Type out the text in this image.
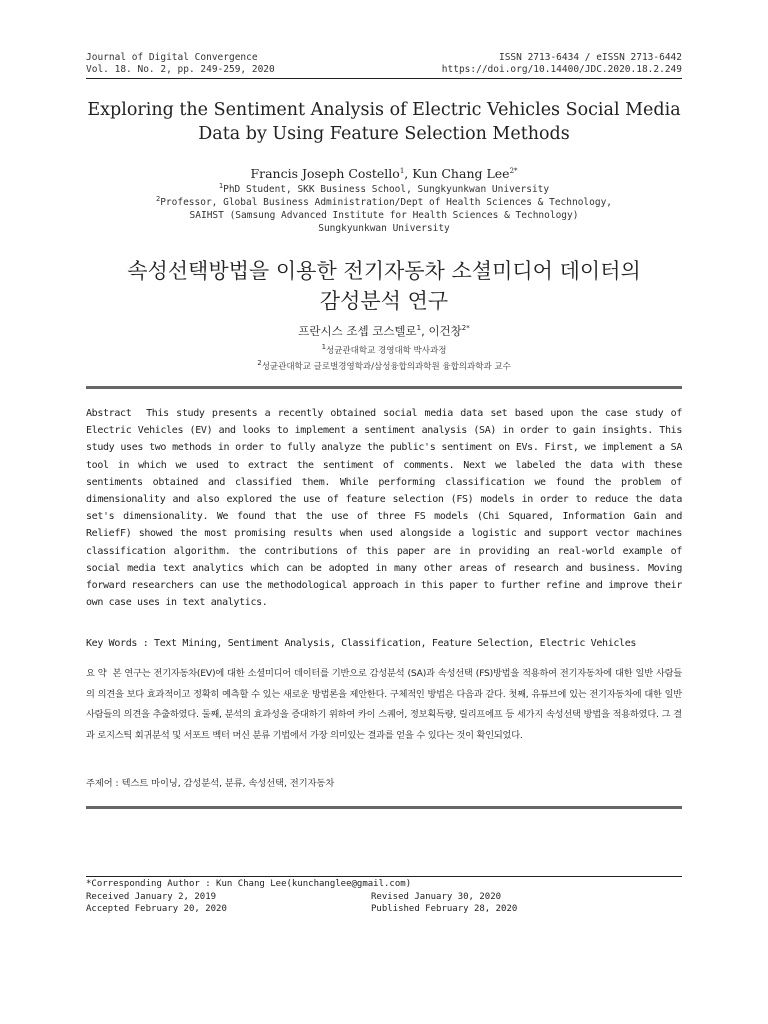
Journal of Digital Convergence
Vol. 18. No. 2, pp. 249-259, 2020
ISSN 2713-6434 / eISSN 2713-6442
https://doi.org/10.14400/JDC.2020.18.2.249
Exploring the Sentiment Analysis of Electric Vehicles Social Media
Data by Using Feature Selection Methods
Francis Joseph Costello$^1$, Kun Chang Lee$^{2*}$
$^1$PhD Student, SKK Business School, Sungkyunkwan University
$^2$Professor, Global Business Administration/Dept of Health Sciences & Technology,
SAIHST (Samsung Advanced Institute for Health Sciences & Technology)
Sungkyunkwan University
속성선택방법을 이용한 전기자동차 소셜미디어 데이터의
감성분석 연구
프란시스 조셉 코스텔로$^1$, 이건창$^{2*}$
$^1$성균관대학교 경영대학 박사과정
$^2$성균관대학교 글로벌경영학과/삼성융합의과학원 융합의과학과 교수
Abstract This study presents a recently obtained social media data set based upon the case study of Electric Vehicles (EV) and looks to implement a sentiment analysis (SA) in order to gain insights. This study uses two methods in order to fully analyze the public's sentiment on EVs. First, we implement a SA tool in which we used to extract the sentiment of comments. Next we labeled the data with these sentiments obtained and classified them. While performing classification we found the problem of dimensionality and also explored the use of feature selection (FS) models in order to reduce the data set's dimensionality. We found that the use of three FS models (Chi Squared, Information Gain and ReliefF) showed the most promising results when used alongside a logistic and support vector machines classification algorithm. the contributions of this paper are in providing an real-world example of social media text analytics which can be adopted in many other areas of research and business. Moving forward researchers can use the methodological approach in this paper to further refine and improve their own case uses in text analytics.
Key Words : Text Mining, Sentiment Analysis, Classification, Feature Selection, Electric Vehicles
요 약 본 연구는 전기자동차(EV)에 대한 소셜미디어 데이터를 기반으로 감성분석 (SA)과 속성선택 (FS)방법을 적용하여 전기자동차에 대한 일반 사람들의 의견을 보다 효과적이고 정확히 예측할 수 있는 새로운 방법론을 제안한다. 구체적인 방법은 다음과 같다. 첫째, 유튜브에 있는 전기자동차에 대한 일반 사람들의 의견을 추출하였다. 둘째, 분석의 효과성을 증대하기 위하여 카이 스퀘어, 정보획득량, 릴리프에프 등 세가지 속성선택 방법을 적용하였다. 그 결과 로지스틱 회귀분석 및 서포트 벡터 머신 분류 기법에서 가장 의미있는 결과를 얻을 수 있다는 것이 확인되었다.
주제어 : 텍스트 마이닝, 감성분석, 분류, 속성선택, 전기자동차
*Corresponding Author : Kun Chang Lee(kunchanglee@gmail.com)
Received January 2, 2019	Revised January 30, 2020
Accepted February 20, 2020	Published February 28, 2020
